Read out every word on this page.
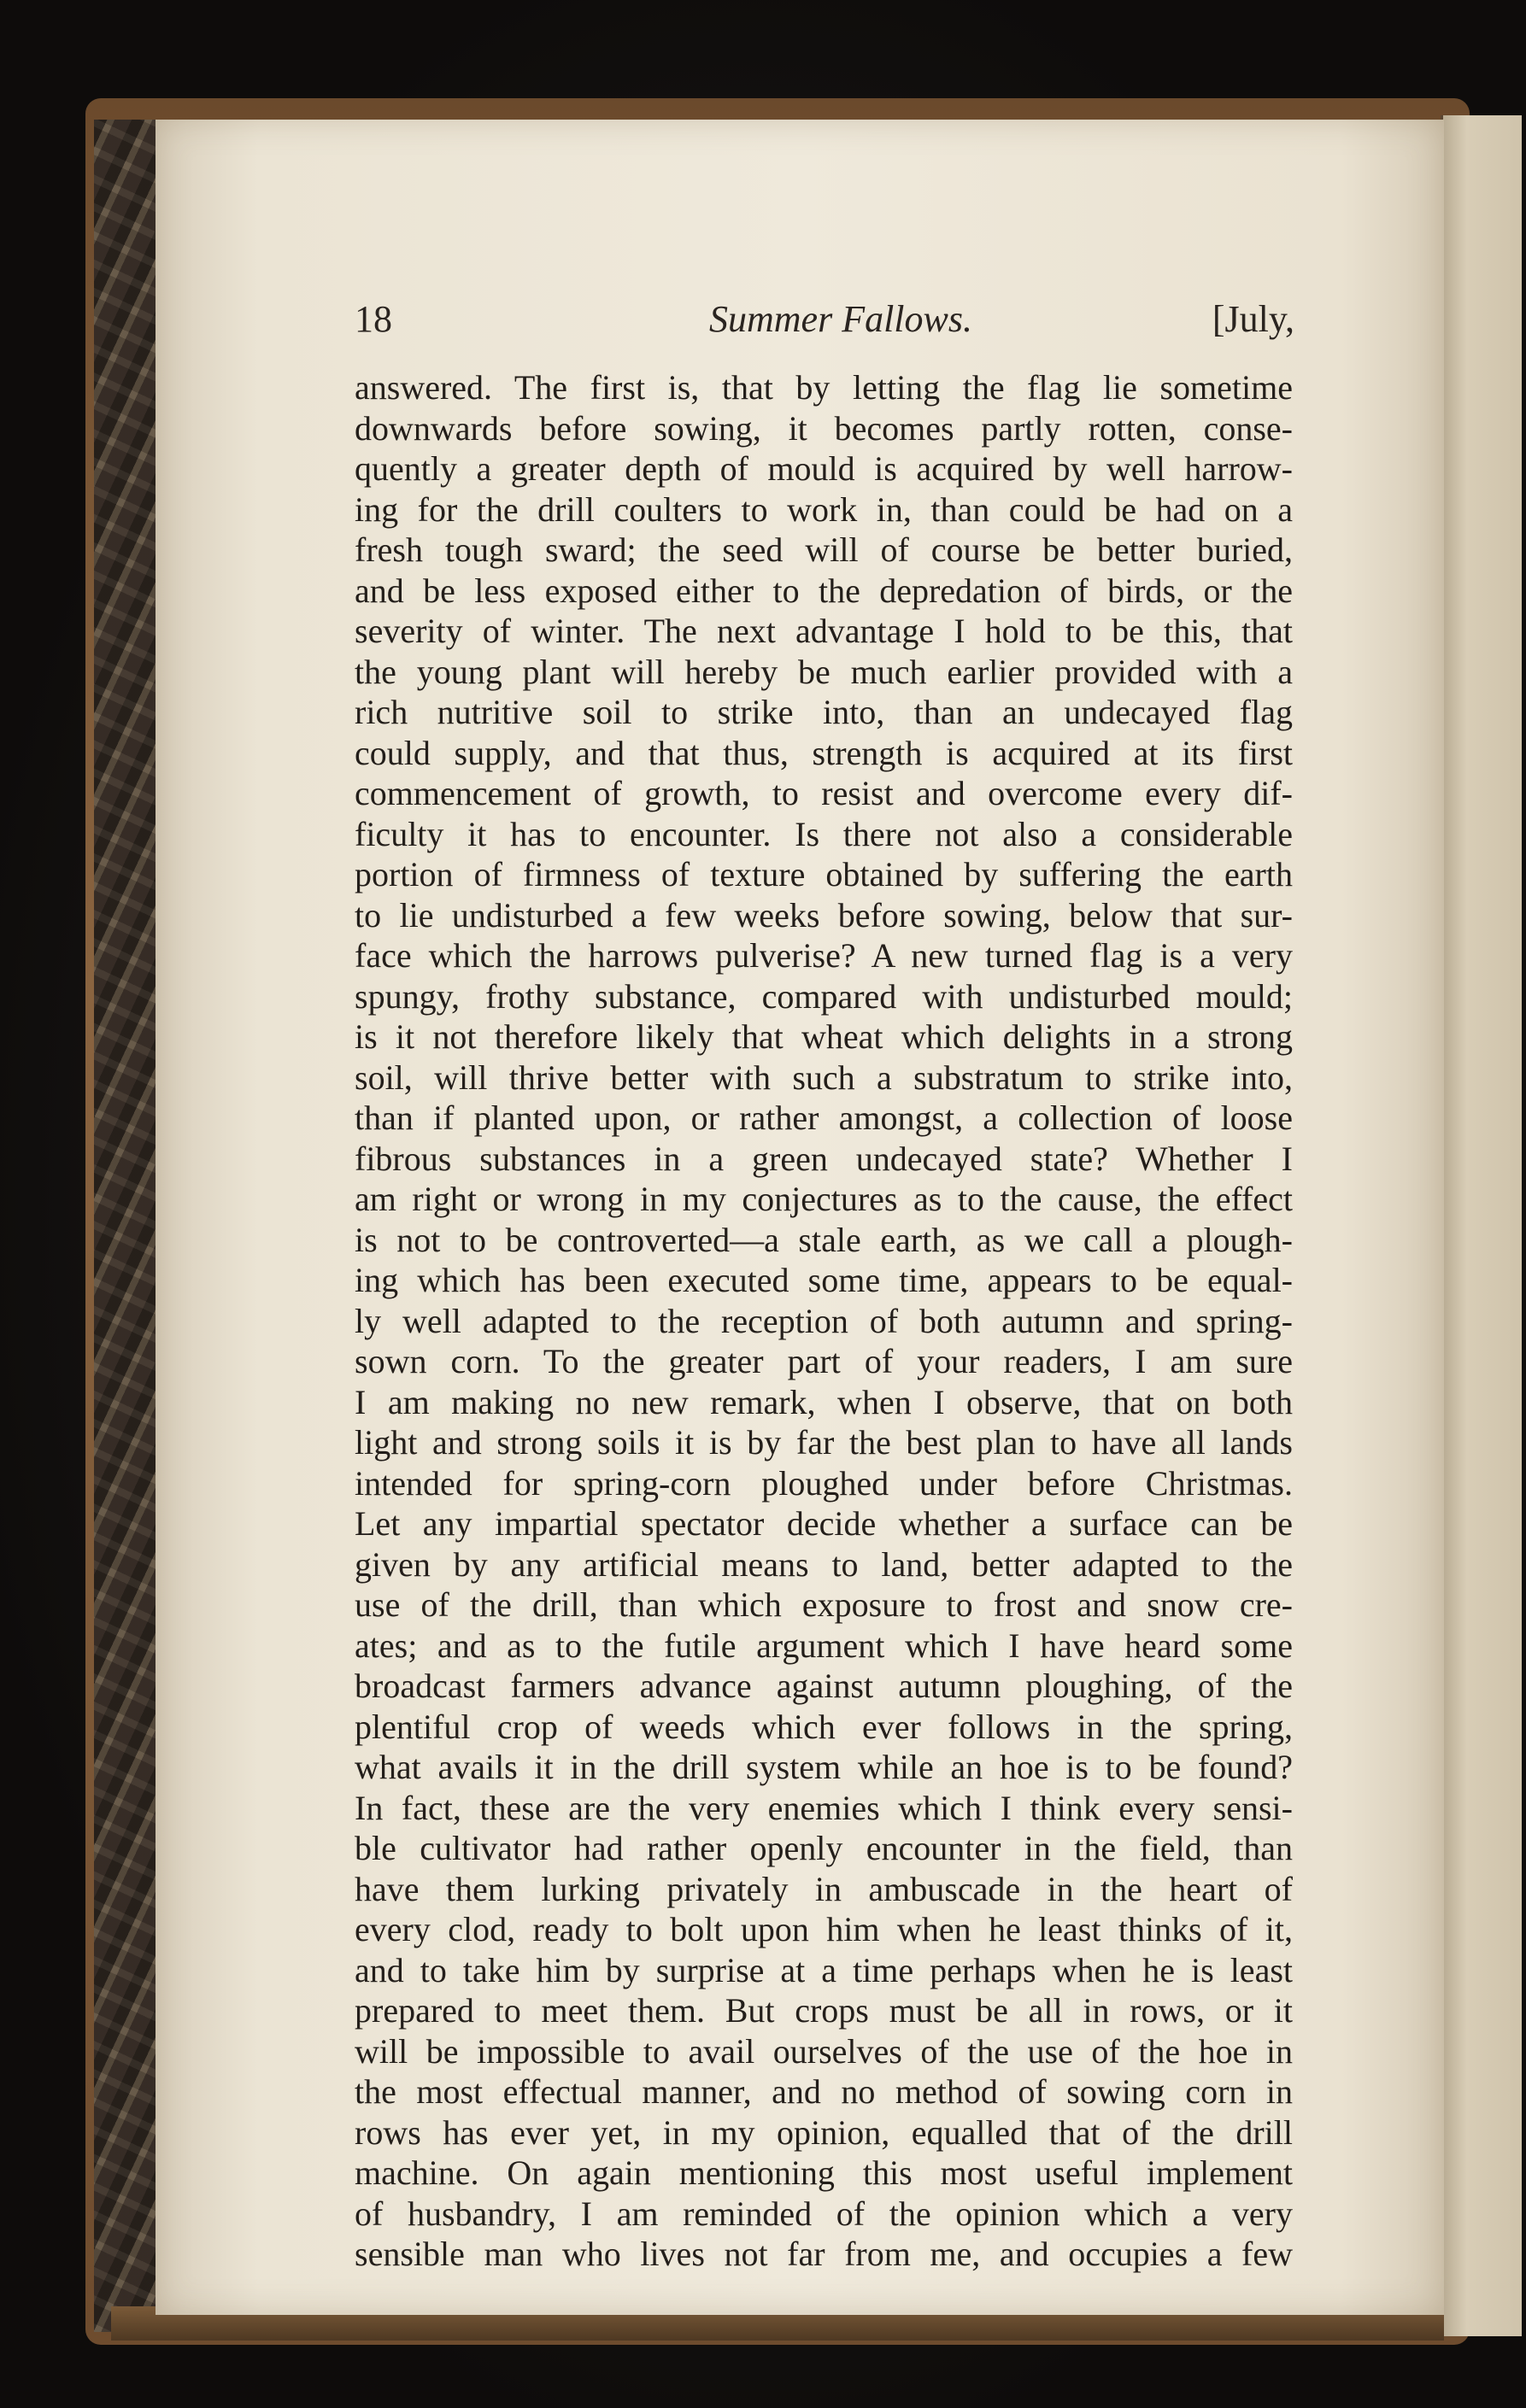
18	Summer Fallows.	[July,
answered. The first is, that by letting the flag lie sometime
downwards before sowing, it becomes partly rotten, conse-
quently a greater depth of mould is acquired by well harrow-
ing for the drill coulters to work in, than could be had on a
fresh tough sward; the seed will of course be better buried,
and be less exposed either to the depredation of birds, or the
severity of winter. The next advantage I hold to be this, that
the young plant will hereby be much earlier provided with a
rich nutritive soil to strike into, than an undecayed flag
could supply, and that thus, strength is acquired at its first
commencement of growth, to resist and overcome every dif-
ficulty it has to encounter. Is there not also a considerable
portion of firmness of texture obtained by suffering the earth
to lie undisturbed a few weeks before sowing, below that sur-
face which the harrows pulverise? A new turned flag is a very
spungy, frothy substance, compared with undisturbed mould;
is it not therefore likely that wheat which delights in a strong
soil, will thrive better with such a substratum to strike into,
than if planted upon, or rather amongst, a collection of loose
fibrous substances in a green undecayed state? Whether I
am right or wrong in my conjectures as to the cause, the effect
is not to be controverted—a stale earth, as we call a plough-
ing which has been executed some time, appears to be equal-
ly well adapted to the reception of both autumn and spring-
sown corn. To the greater part of your readers, I am sure
I am making no new remark, when I observe, that on both
light and strong soils it is by far the best plan to have all lands
intended for spring-corn ploughed under before Christmas.
Let any impartial spectator decide whether a surface can be
given by any artificial means to land, better adapted to the
use of the drill, than which exposure to frost and snow cre-
ates; and as to the futile argument which I have heard some
broadcast farmers advance against autumn ploughing, of the
plentiful crop of weeds which ever follows in the spring,
what avails it in the drill system while an hoe is to be found?
In fact, these are the very enemies which I think every sensi-
ble cultivator had rather openly encounter in the field, than
have them lurking privately in ambuscade in the heart of
every clod, ready to bolt upon him when he least thinks of it,
and to take him by surprise at a time perhaps when he is least
prepared to meet them. But crops must be all in rows, or it
will be impossible to avail ourselves of the use of the hoe in
the most effectual manner, and no method of sowing corn in
rows has ever yet, in my opinion, equalled that of the drill
machine. On again mentioning this most useful implement
of husbandry, I am reminded of the opinion which a very
sensible man who lives not far from me, and occupies a few
